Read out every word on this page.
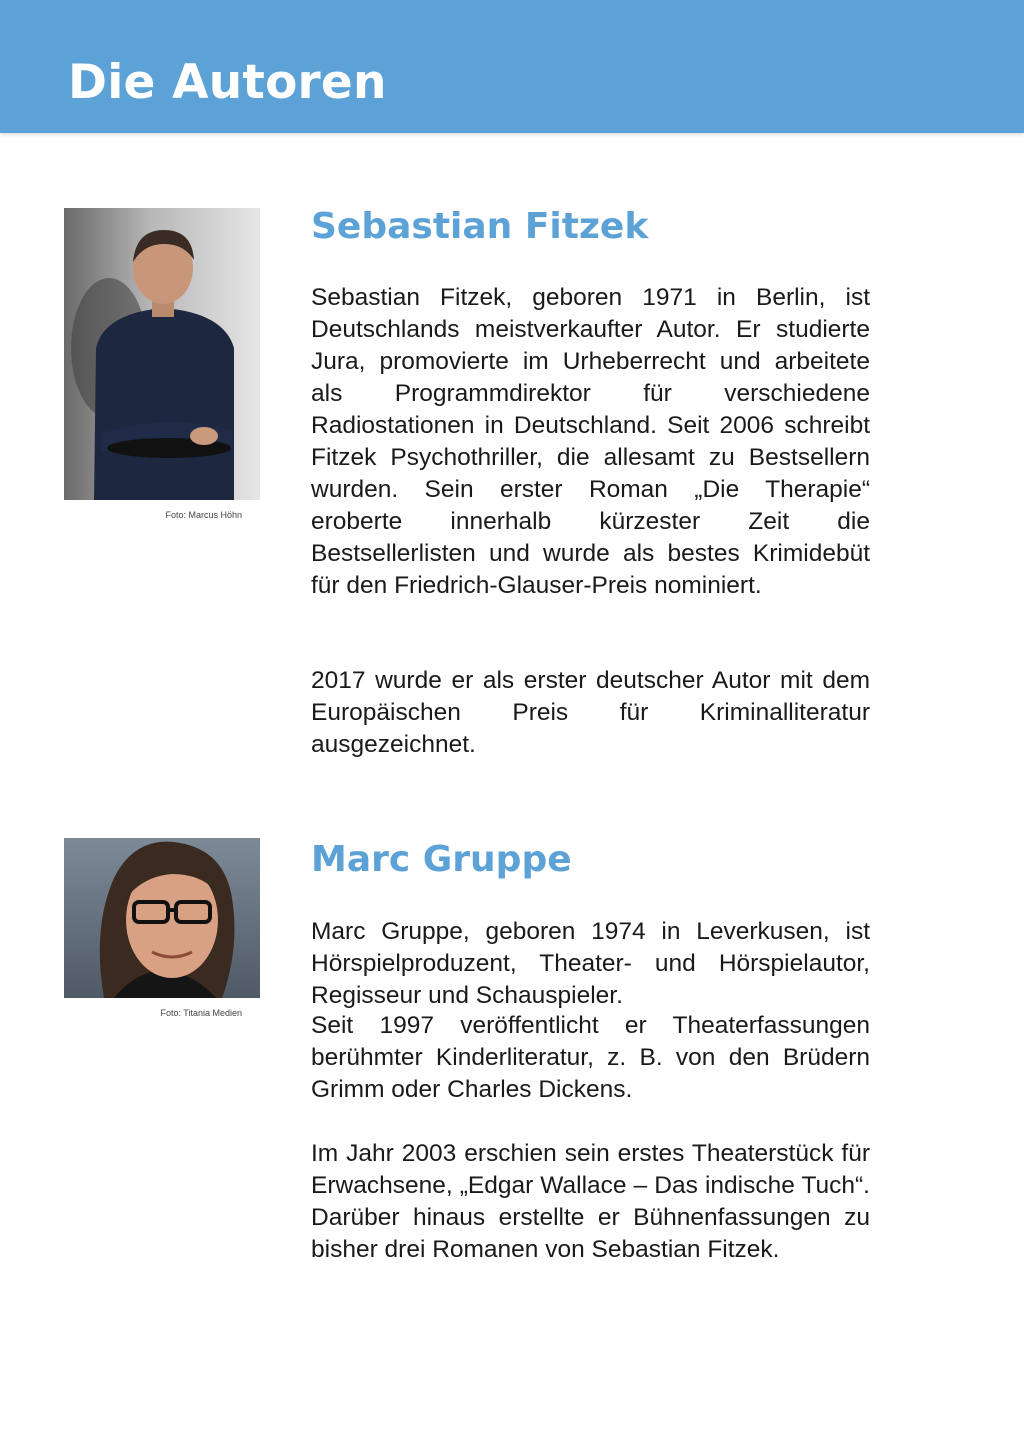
Die Autoren
Foto: Marcus Höhn
Sebastian Fitzek

Sebastian Fitzek, geboren 1971 in Berlin, ist Deutschlands meistverkaufter Autor. Er studierte Jura, promovierte im Urheberrecht und arbeitete als Programmdirektor für verschiedene Radiostationen in Deutschland. Seit 2006 schreibt Fitzek Psychothriller, die allesamt zu Bestsellern wurden. Sein erster Roman „Die Therapie“ eroberte innerhalb kürzester Zeit die Bestsellerlisten und wurde als bestes Krimidebüt für den Friedrich-Glauser-Preis nominiert.

2017 wurde er als erster deutscher Autor mit dem Europäischen Preis für Kriminalliteratur ausgezeichnet.

Foto: Titania Medien
Marc Gruppe

Marc Gruppe, geboren 1974 in Leverkusen, ist Hörspielproduzent, Theater- und Hörspielautor, Regisseur und Schauspieler.

Seit 1997 veröffentlicht er Theaterfassungen berühmter Kinderliteratur, z. B. von den Brüdern Grimm oder Charles Dickens.

Im Jahr 2003 erschien sein erstes Theaterstück für Erwachsene, „Edgar Wallace – Das indische Tuch“. Darüber hinaus erstellte er Bühnenfassungen zu bisher drei Romanen von Sebastian Fitzek.
